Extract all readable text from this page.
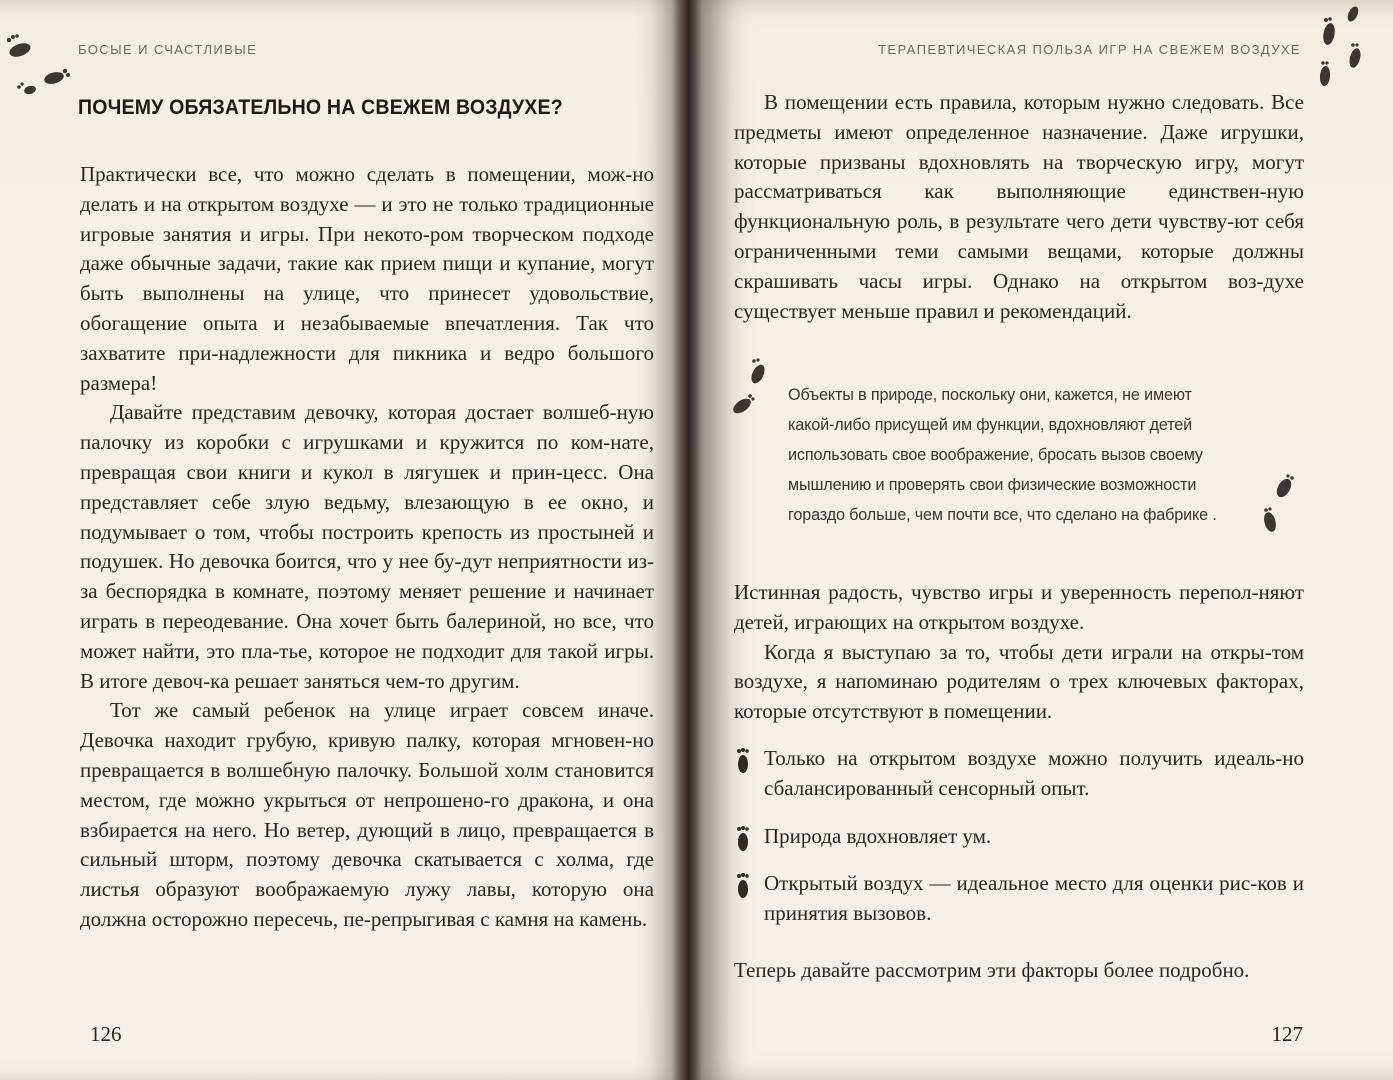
БОСЫЕ И СЧАСТЛИВЫЕ
ПОЧЕМУ ОБЯЗАТЕЛЬНО НА СВЕЖЕМ ВОЗДУХЕ?

Практически все, что можно сделать в помещении, мож-но делать и на открытом воздухе — и это не только традиционные игровые занятия и игры. При некото-ром творческом подходе даже обычные задачи, такие как прием пищи и купание, могут быть выполнены на улице, что принесет удовольствие, обогащение опыта и незабываемые впечатления. Так что захватите при-надлежности для пикника и ведро большого размера!

Давайте представим девочку, которая достает волшеб-ную палочку из коробки с игрушками и кружится по ком-нате, превращая свои книги и кукол в лягушек и прин-цесс. Она представляет себе злую ведьму, влезающую в ее окно, и подумывает о том, чтобы построить крепость из простыней и подушек. Но девочка боится, что у нее бу-дут неприятности из-за беспорядка в комнате, поэтому меняет решение и начинает играть в переодевание. Она хочет быть балериной, но все, что может найти, это пла-тье, которое не подходит для такой игры. В итоге девоч-ка решает заняться чем-то другим.

Тот же самый ребенок на улице играет совсем иначе. Девочка находит грубую, кривую палку, которая мгновен-но превращается в волшебную палочку. Большой холм становится местом, где можно укрыться от непрошено-го дракона, и она взбирается на него. Но ветер, дующий в лицо, превращается в сильный шторм, поэтому девочка скатывается с холма, где листья образуют воображаемую лужу лавы, которую она должна осторожно пересечь, пе-репрыгивая с камня на камень.

126
ТЕРАПЕВТИЧЕСКАЯ ПОЛЬЗА ИГР НА СВЕЖЕМ ВОЗДУХЕ

В помещении есть правила, которым нужно следовать. Все предметы имеют определенное назначение. Даже игрушки, которые призваны вдохновлять на творческую игру, могут рассматриваться как выполняющие единствен-ную функциональную роль, в результате чего дети чувству-ют себя ограниченными теми самыми вещами, которые должны скрашивать часы игры. Однако на открытом воз-духе существует меньше правил и рекомендаций.

Объекты в природе, поскольку они, кажется, не имеют
какой-либо присущей им функции, вдохновляют детей
использовать свое воображение, бросать вызов своему
мышлению и проверять свои физические возможности
гораздо больше, чем почти все, что сделано на фабрике .

Истинная радость, чувство игры и уверенность перепол-няют детей, играющих на открытом воздухе.

Когда я выступаю за то, чтобы дети играли на откры-том воздухе, я напоминаю родителям о трех ключевых факторах, которые отсутствуют в помещении.

Только на открытом воздухе можно получить идеаль-но сбалансированный сенсорный опыт.
Природа вдохновляет ум.
Открытый воздух — идеальное место для оценки рис-ков и принятия вызовов.

Теперь давайте рассмотрим эти факторы более подробно.

127
